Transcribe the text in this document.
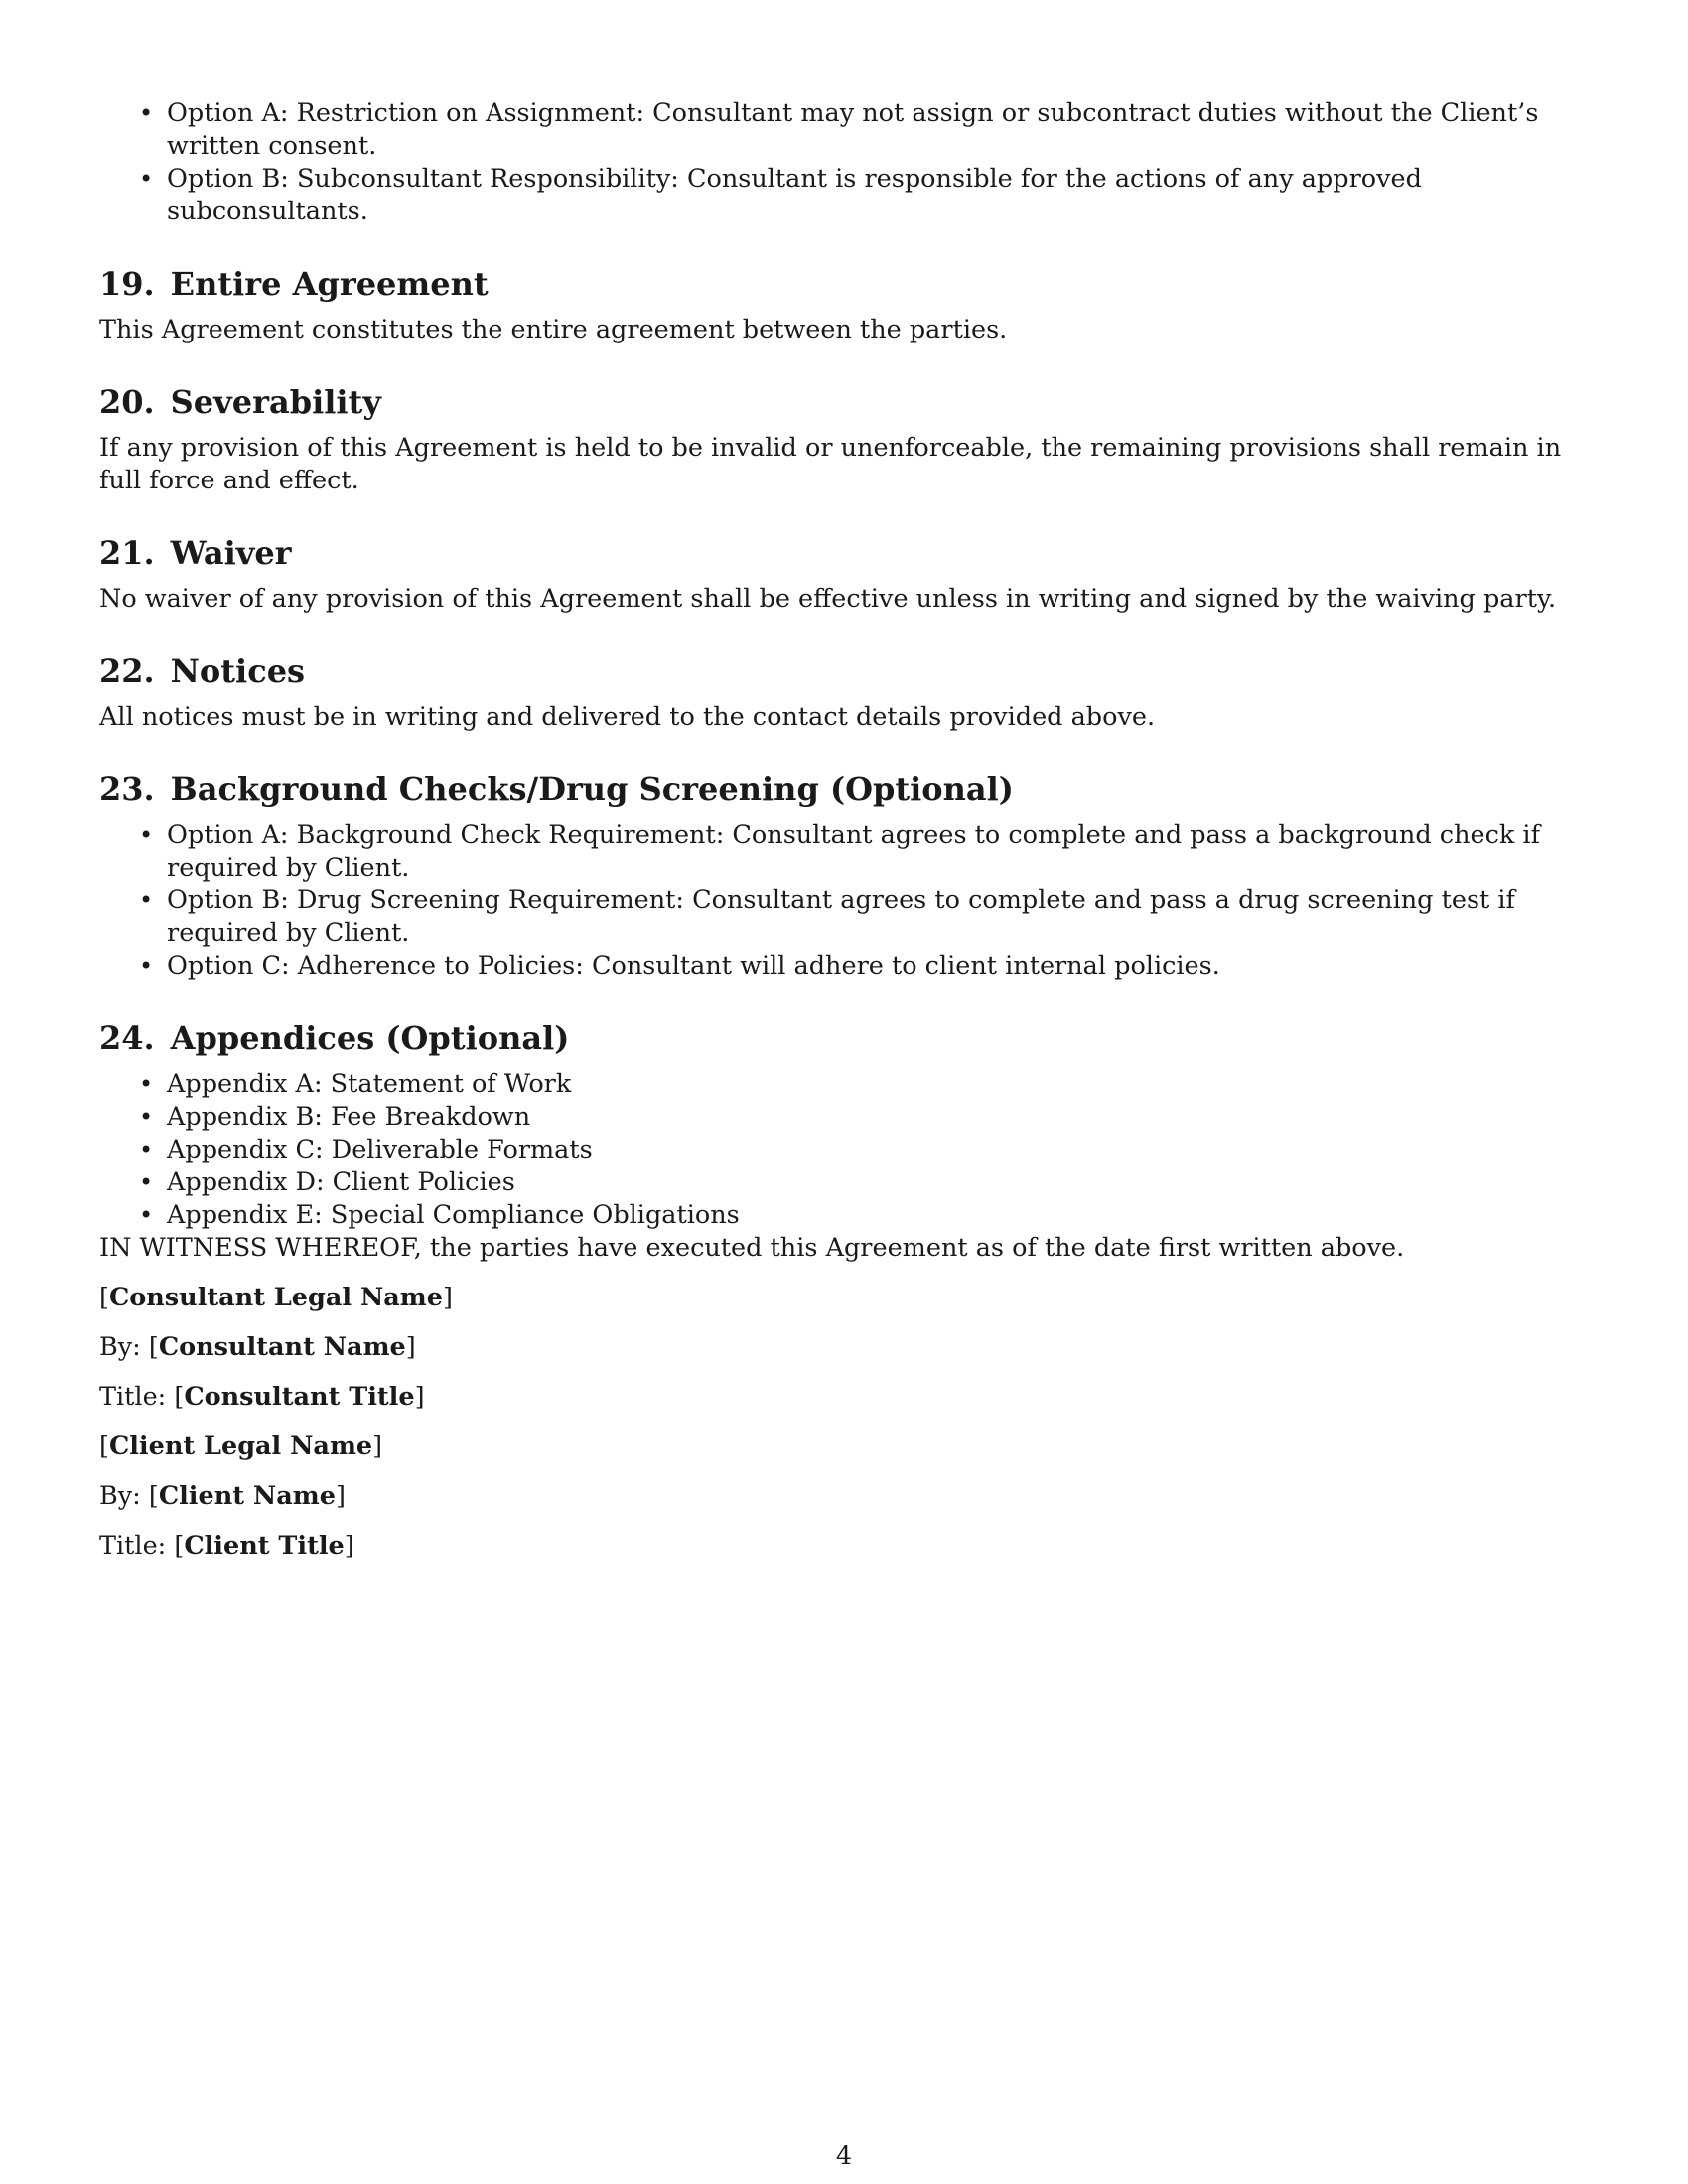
• Option A: Restriction on Assignment: Consultant may not assign or subcontract duties without the Client’s written consent.
• Option B: Subconsultant Responsibility: Consultant is responsible for the actions of any approved subconsultants.
19. Entire Agreement

This Agreement constitutes the entire agreement between the parties.

20. Severability

If any provision of this Agreement is held to be invalid or unenforceable, the remaining provisions shall remain in full force and effect.

21. Waiver

No waiver of any provision of this Agreement shall be effective unless in writing and signed by the waiving party.

22. Notices

All notices must be in writing and delivered to the contact details provided above.

23. Background Checks/Drug Screening (Optional)
• Option A: Background Check Requirement: Consultant agrees to complete and pass a background check if required by Client.
• Option B: Drug Screening Requirement: Consultant agrees to complete and pass a drug screening test if required by Client.
• Option C: Adherence to Policies: Consultant will adhere to client internal policies.
24. Appendices (Optional)
• Appendix A: Statement of Work
• Appendix B: Fee Breakdown
• Appendix C: Deliverable Formats
• Appendix D: Client Policies
• Appendix E: Special Compliance Obligations

IN WITNESS WHEREOF, the parties have executed this Agreement as of the date first written above.

[Consultant Legal Name]
By: [Consultant Name]
Title: [Consultant Title]
[Client Legal Name]
By: [Client Name]
Title: [Client Title]
4
